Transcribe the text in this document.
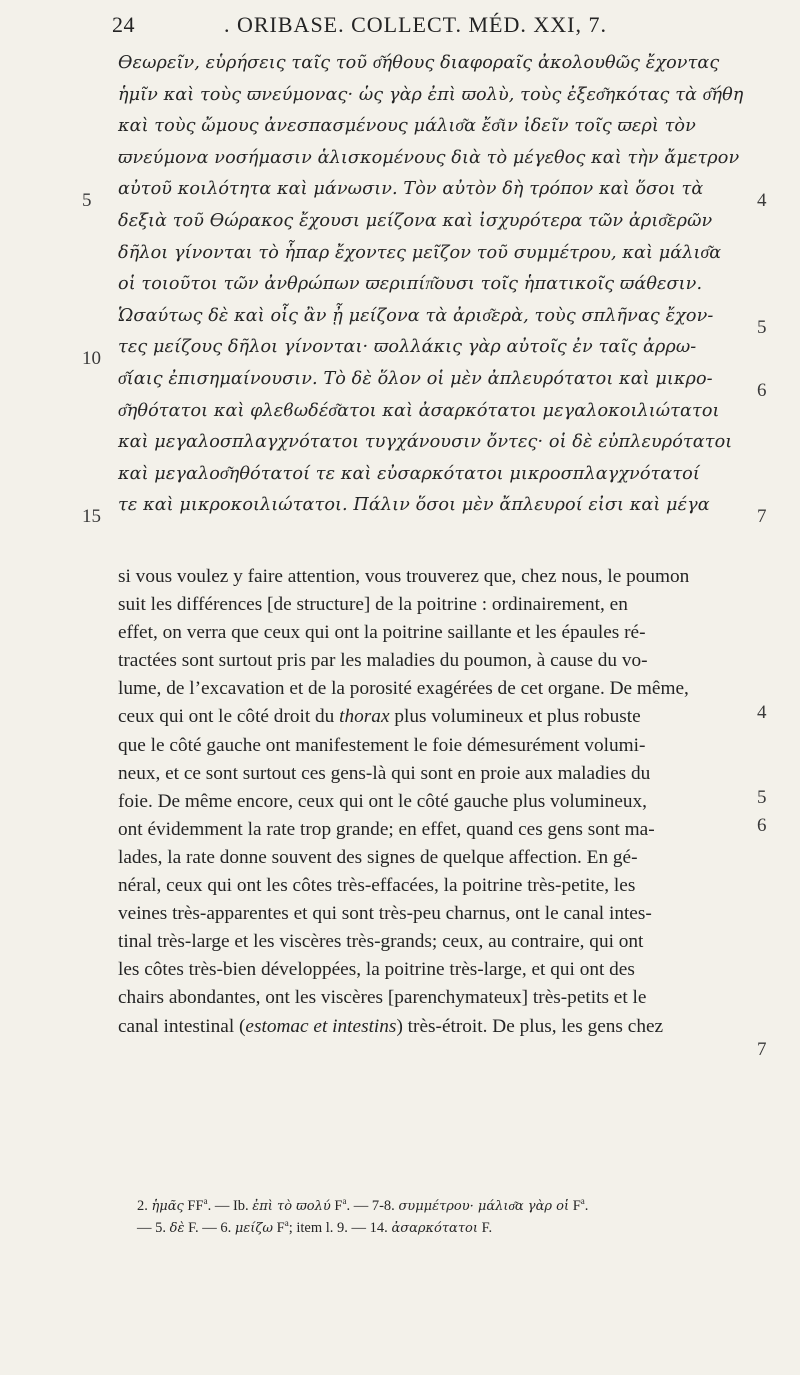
24	. ORIBASE. COLLECT. MÉD. XXI, 7.
5
10
15
4
5
6
7
Ѳεωρεῖν, εὑρήσεις ταῖς τοῦ σ͂ήθους διαφοραῖς ἀκολουθῶς ἔχοντας
ἡμῖν καὶ τοὺς ϖνεύμονας· ὡς γὰρ ἐπὶ ϖολὺ, τοὺς ἐξεσ͂ηκότας τὰ σ͂ήθη
καὶ τοὺς ὤμους ἀνεσπασμένους μάλισ͂α ἔσ͂ιν ἰδεῖν τοῖς ϖερὶ τὸν
ϖνεύμονα νοσήμασιν ἁλισκομένους διὰ τὸ μέγεθος καὶ τὴν ἄμετρον
αὐτοῦ κοιλότητα καὶ μάνωσιν. Τὸν αὐτὸν δὴ τρόπον καὶ ὅσοι τὰ
δεξιὰ τοῦ Ѳώρακος ἔχουσι μείζονα καὶ ἰσχυρότερα τῶν ἀρισ͂ερῶν
δῆλοι γίνονται τὸ ἧπαρ ἔχοντες μεῖζον τοῦ συμμέτρου, καὶ μάλισ͂α
οἱ τοιοῦτοι τῶν ἀνθρώπων ϖεριπίπ͂ουσι τοῖς ἡπατικοῖς ϖάθεσιν.
Ὡσαύτως δὲ καὶ οἷς ἂν ᾖ μείζονα τὰ ἀρισ͂ερὰ, τοὺς σπλῆνας ἔχον-
τες μείζους δῆλοι γίνονται· ϖολλάκις γὰρ αὐτοῖς ἐν ταῖς ἀρρω-
σ͂ίαις ἐπισημαίνουσιν. Τὸ δὲ ὅλον οἱ μὲν ἀπλευρότατοι καὶ μικρο-
σ͂ηθότατοι καὶ φλεϐωδέσ͂ατοι καὶ ἀσαρκότατοι μεγαλοκοιλιώτατοι
καὶ μεγαλοσπλαγχνότατοι τυγχάνουσιν ὄντες· οἱ δὲ εὐπλευρότατοι
καὶ μεγαλοσ͂ηθότατοί τε καὶ εὐσαρκότατοι μικροσπλαγχνότατοί
τε καὶ μικροκοιλιώτατοι. Πάλιν ὅσοι μὲν ἄπλευροί εἰσι καὶ μέγα
4
5
6
7
si vous voulez y faire attention, vous trouverez que, chez nous, le poumon
suit les différences [de structure] de la poitrine : ordinairement, en
effet, on verra que ceux qui ont la poitrine saillante et les épaules ré-
tractées sont surtout pris par les maladies du poumon, à cause du vo-
lume, de l’excavation et de la porosité exagérées de cet organe. De même,
ceux qui ont le côté droit du thorax plus volumineux et plus robuste
que le côté gauche ont manifestement le foie démesurément volumi-
neux, et ce sont surtout ces gens-là qui sont en proie aux maladies du
foie. De même encore, ceux qui ont le côté gauche plus volumineux,
ont évidemment la rate trop grande; en effet, quand ces gens sont ma-
lades, la rate donne souvent des signes de quelque affection. En gé-
néral, ceux qui ont les côtes très-effacées, la poitrine très-petite, les
veines très-apparentes et qui sont très-peu charnus, ont le canal intes-
tinal très-large et les viscères très-grands; ceux, au contraire, qui ont
les côtes très-bien développées, la poitrine très-large, et qui ont des
chairs abondantes, ont les viscères [parenchymateux] très-petits et le
canal intestinal (estomac et intestins) très-étroit. De plus, les gens chez
2. ἡμᾶς $FF^a$. — Ib. ἐπὶ τὸ ϖολύ $F^a$. — 7-8. συμμέτρου· μάλισ͂α γὰρ οἱ $F^a$.
— 5. δὲ F. — 6. μείζω $F^a$; item l. 9. — 14. ἀσαρκότατοι F.
